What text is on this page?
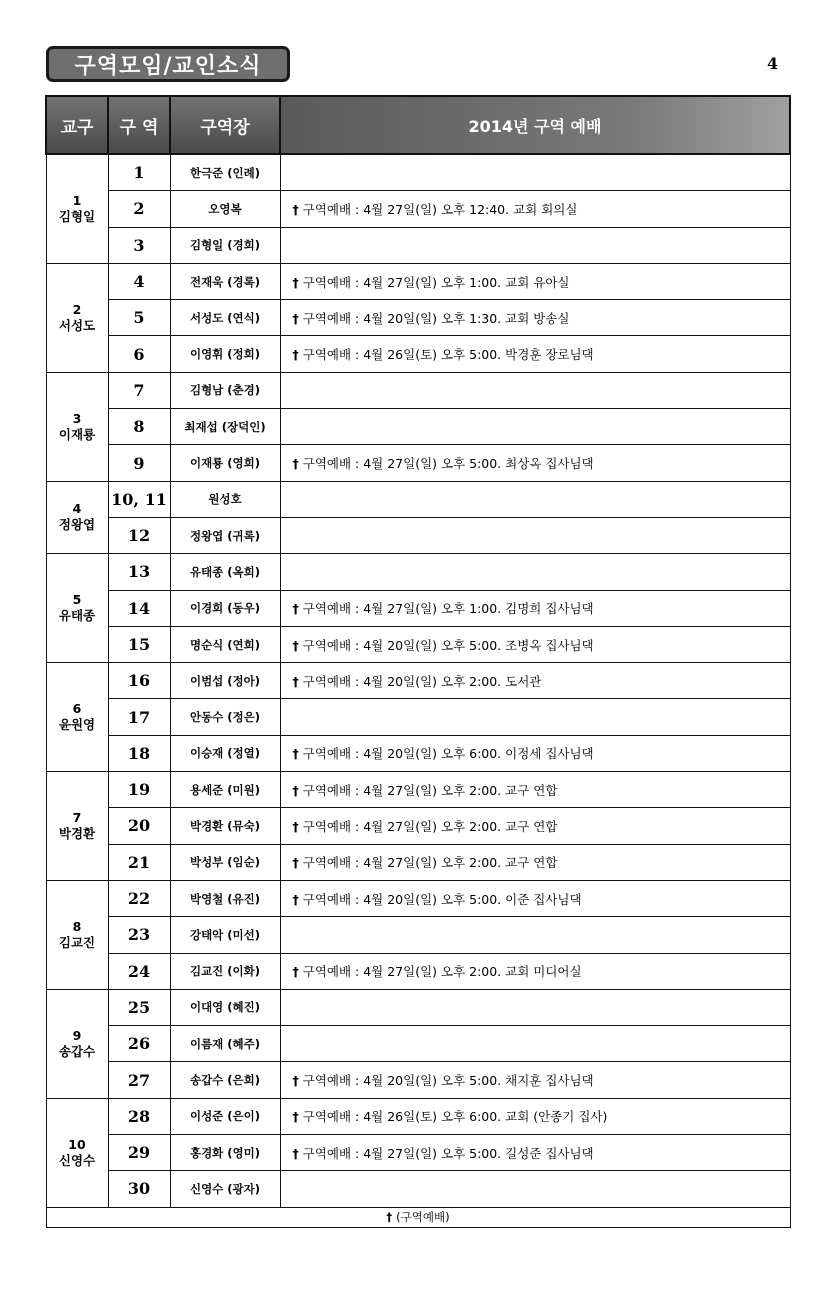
구역모임/교인소식	4
교구	구 역	구역장	2014년 구역 예배

1
김형일	1	한극준 (인례)	
	2	오영복	† 구역예배 : 4월 27일(일) 오후 12:40. 교회 회의실
	3	김형일 (경희)	

2
서성도	4	전재욱 (경록)	† 구역예배 : 4월 27일(일) 오후 1:00. 교회 유아실
	5	서성도 (연식)	† 구역예배 : 4월 20일(일) 오후 1:30. 교회 방송실
	6	이영휘 (정희)	† 구역예배 : 4월 26일(토) 오후 5:00. 박경훈 장로님댁

3
이재룡	7	김형남 (춘경)	
	8	최재섭 (장덕인)	
	9	이재룡 (영희)	† 구역예배 : 4월 27일(일) 오후 5:00. 최상옥 집사님댁

4
정왕엽	10, 11	원성호	
	12	정왕엽 (귀록)	

5
유태종	13	유태종 (옥희)	
	14	이경희 (동우)	† 구역예배 : 4월 27일(일) 오후 1:00. 김명희 집사님댁
	15	명순식 (연희)	† 구역예배 : 4월 20일(일) 오후 5:00. 조병옥 집사님댁

6
윤원영	16	이범섭 (정아)	† 구역예배 : 4월 20일(일) 오후 2:00. 도서관
	17	안동수 (정은)	
	18	이승재 (정열)	† 구역예배 : 4월 20일(일) 오후 6:00. 이정세 집사님댁

7
박경환	19	용세준 (미원)	† 구역예배 : 4월 27일(일) 오후 2:00. 교구 연합
	20	박경환 (뮤숙)	† 구역예배 : 4월 27일(일) 오후 2:00. 교구 연합
	21	박성부 (임순)	† 구역예배 : 4월 27일(일) 오후 2:00. 교구 연합

8
김교진	22	박영철 (유진)	† 구역예배 : 4월 20일(일) 오후 5:00. 이준 집사님댁
	23	강태악 (미선)	
	24	김교진 (이화)	† 구역예배 : 4월 27일(일) 오후 2:00. 교회 미디어실

9
송갑수	25	이대영 (혜진)	
	26	이름재 (혜주)	
	27	송갑수 (은희)	† 구역예배 : 4월 20일(일) 오후 5:00. 채지훈 집사님댁

10
신영수	28	이성준 (은이)	† 구역예배 : 4월 26일(토) 오후 6:00. 교회 (안종기 집사)
	29	홍경화 (영미)	† 구역예배 : 4월 27일(일) 오후 5:00. 길성준 집사님댁
	30	신영수 (광자)	
† (구역예배)			
